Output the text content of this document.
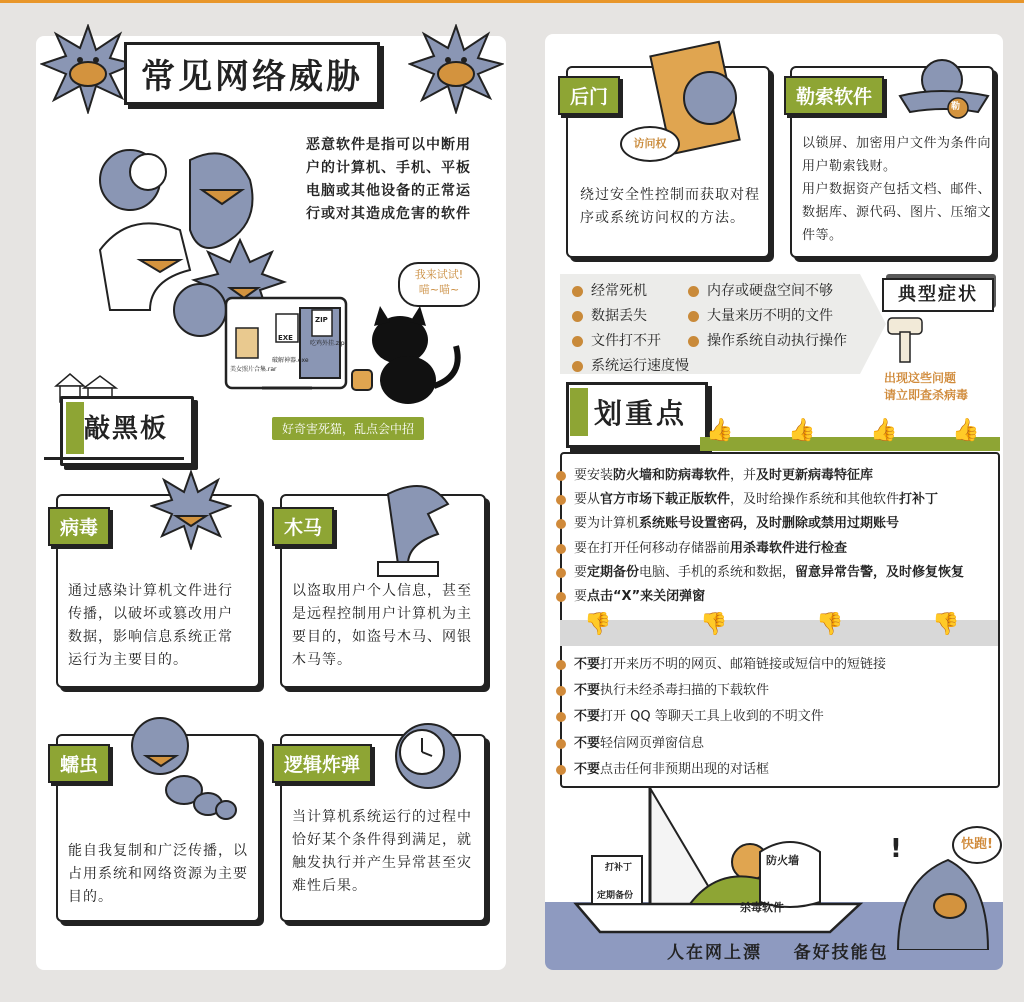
常见网络威胁
恶意软件是指可以中断用
户的计算机、手机、平板
电脑或其他设备的正常运
行或对其造成危害的软件
EXE
ZIP
美女照片合集.rar
破解神器.exe
吃鸡外挂.zip
我来试试!
喵~喵~
好奇害死猫，乱点会中招
敲黑板
病毒
通过感染计算机文件进行
传播，以破坏或篡改用户
数据，影响信息系统正常
运行为主要目的。
木马
以盗取用户个人信息，甚至
是远程控制用户计算机为主
要目的，如盗号木马、网银
木马等。
蠕虫
能自我复制和广泛传播，以
占用系统和网络资源为主要
目的。
逻辑炸弹
当计算机系统运行的过程中
恰好某个条件得到满足，就
触发执行并产生异常甚至灾
难性后果。
后门
访问权
绕过安全性控制而获取对程
序或系统访问权的方法。
勒索软件	勒
以锁屏、加密用户文件为条件向
用户勒索钱财。
用户数据资产包括文档、邮件、
数据库、源代码、图片、压缩文
件等。
经常死机
数据丢失
文件打不开
系统运行速度慢
内存或硬盘空间不够
大量来历不明的文件
操作系统自动执行操作
典型症状
出现这些问题
请立即查杀病毒
划重点
👍 👍 👍 👍
要安装防火墙和防病毒软件，并及时更新病毒特征库
要从官方市场下载正版软件，及时给操作系统和其他软件打补丁
要为计算机系统账号设置密码，及时删除或禁用过期账号
要在打开任何移动存储器前用杀毒软件进行检查
要定期备份电脑、手机的系统和数据，留意异常告警，及时修复恢复
要点击“X”来关闭弹窗
👎	👎	👎	👎
不要打开来历不明的网页、邮箱链接或短信中的短链接
不要执行未经杀毒扫描的下载软件
不要打开 QQ 等聊天工具上收到的不明文件
不要轻信网页弹窗信息
不要点击任何非预期出现的对话框
打补丁
定期备份
防火墙
杀毒软件
快跑!
!
人在网上漂    备好技能包
